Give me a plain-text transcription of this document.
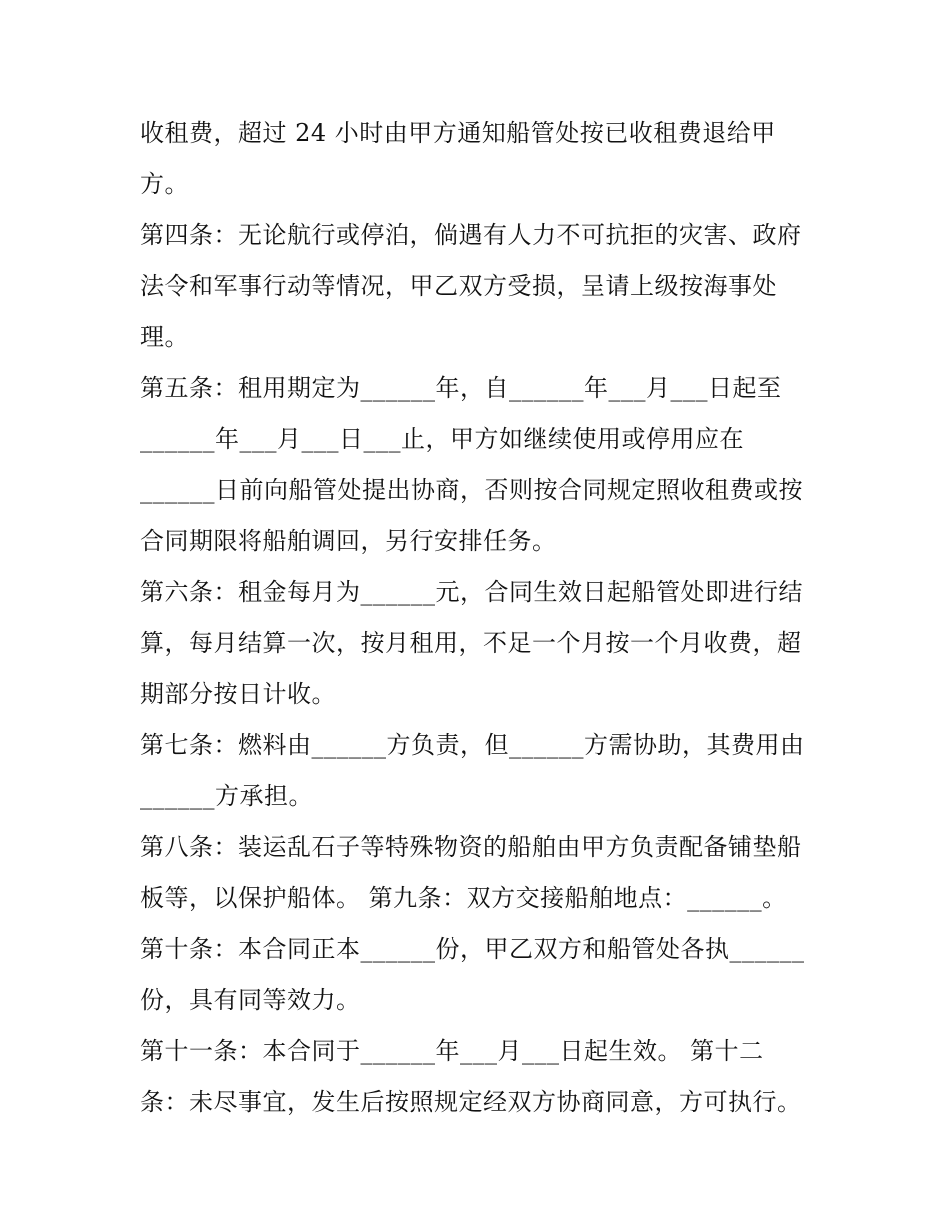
收租费，超过 24 小时由甲方通知船管处按已收租费退给甲
方。
第四条：无论航行或停泊，倘遇有人力不可抗拒的灾害、政府
法令和军事行动等情况，甲乙双方受损，呈请上级按海事处
理。
第五条：租用期定为______年，自______年___月___日起至
______年___月___日___止，甲方如继续使用或停用应在
______日前向船管处提出协商，否则按合同规定照收租费或按
合同期限将船舶调回，另行安排任务。
第六条：租金每月为______元，合同生效日起船管处即进行结
算，每月结算一次，按月租用，不足一个月按一个月收费，超
期部分按日计收。
第七条：燃料由______方负责，但______方需协助，其费用由
______方承担。
第八条：装运乱石子等特殊物资的船舶由甲方负责配备铺垫船
板等，以保护船体。 第九条：双方交接船舶地点：______。
第十条：本合同正本______份，甲乙双方和船管处各执______
份，具有同等效力。
第十一条：本合同于______年___月___日起生效。 第十二
条：未尽事宜，发生后按照规定经双方协商同意，方可执行。
